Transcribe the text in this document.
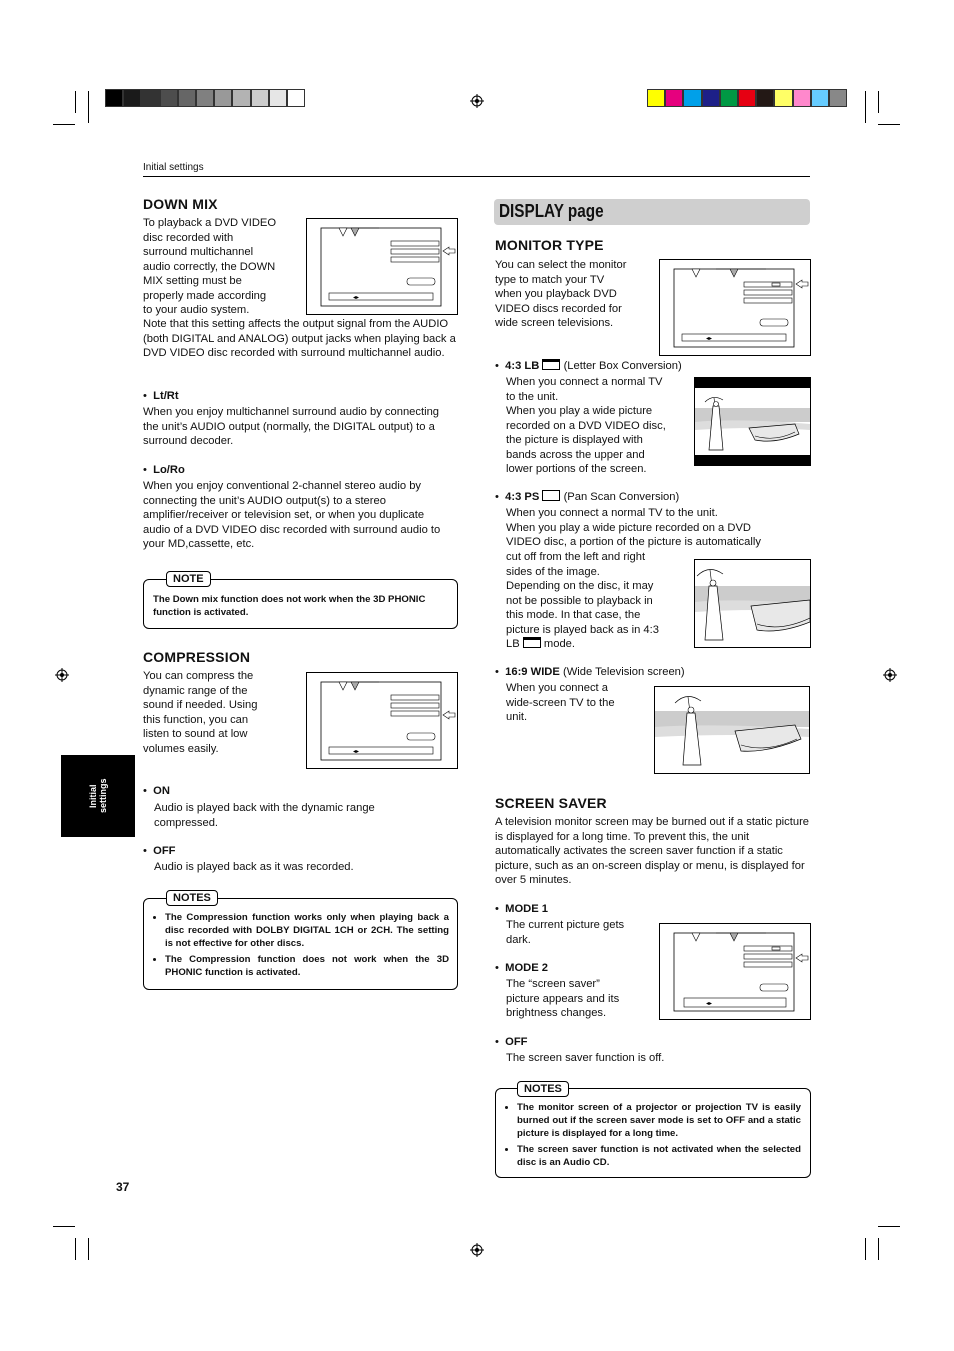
Initial settings
Initial
settings
DOWN MIX
To playback a DVD VIDEO
disc recorded with
surround multichannel
audio correctly, the DOWN
MIX setting must be
properly made according
to your audio system.
◂▸
Note that this setting affects the output signal from the AUDIO (both DIGITAL and ANALOG) output jacks when playing back a DVD VIDEO disc recorded with surround multichannel audio.
•  Lt/Rt
When you enjoy multichannel surround audio by connecting the unit’s AUDIO output (normally, the DIGITAL output) to a surround decoder.
•  Lo/Ro
When you enjoy conventional 2-channel stereo audio by connecting the unit’s AUDIO output(s) to a stereo amplifier/receiver or television set, or when you duplicate audio of a DVD VIDEO disc recorded with surround audio to your MD,cassette, etc.
NOTE
The Down mix function does not work when the 3D PHONIC function is activated.
COMPRESSION
You can compress the
dynamic range of the
sound if needed. Using
this function, you can
listen to sound at low
volumes easily.	◂▸
•  ON
Audio is played back with the dynamic range compressed.
•  OFF
Audio is played back as it was recorded.
NOTES
• The Compression function works only when playing back a disc recorded with DOLBY DIGITAL 1CH or 2CH. The setting is not effective for other discs.
• The Compression function does not work when the 3D PHONIC function is activated.
37
DISPLAY page
MONITOR TYPE
You can select the monitor
type to match your TV
when you playback DVD
VIDEO discs recorded for
wide screen televisions.
◂▸
•  4:3 LB (Letter Box Conversion)
When you connect a normal TV
to the unit.
When you play a wide picture
recorded on a DVD VIDEO disc,
the picture is displayed with
bands across the upper and
lower portions of the screen.
•  4:3 PS (Pan Scan Conversion)
When you connect a normal TV to the unit.
When you play a wide picture recorded on a DVD
VIDEO disc, a portion of the picture is automatically
cut off from the left and right
sides of the image.
Depending on the disc, it may
not be possible to playback in
this mode. In that case, the
picture is played back as in 4:3
LB mode.
•  16:9 WIDE (Wide Television screen)
When you connect a
wide-screen TV to the
unit.
SCREEN SAVER
A television monitor screen may be burned out if a static picture is displayed for a long time. To prevent this, the unit automatically activates the screen saver function if a static picture, such as an on-screen display or menu, is displayed for over 5 minutes.
•  MODE 1
The current picture gets
dark.
•  MODE 2
The “screen saver”
picture appears and its
brightness changes.
◂▸
•  OFF
The screen saver function is off.
NOTES
• The monitor screen of a projector or projection TV is easily burned out if the screen saver mode is set to OFF and a static picture is displayed for a long time.
• The screen saver function is not activated when the selected disc is an Audio CD.
